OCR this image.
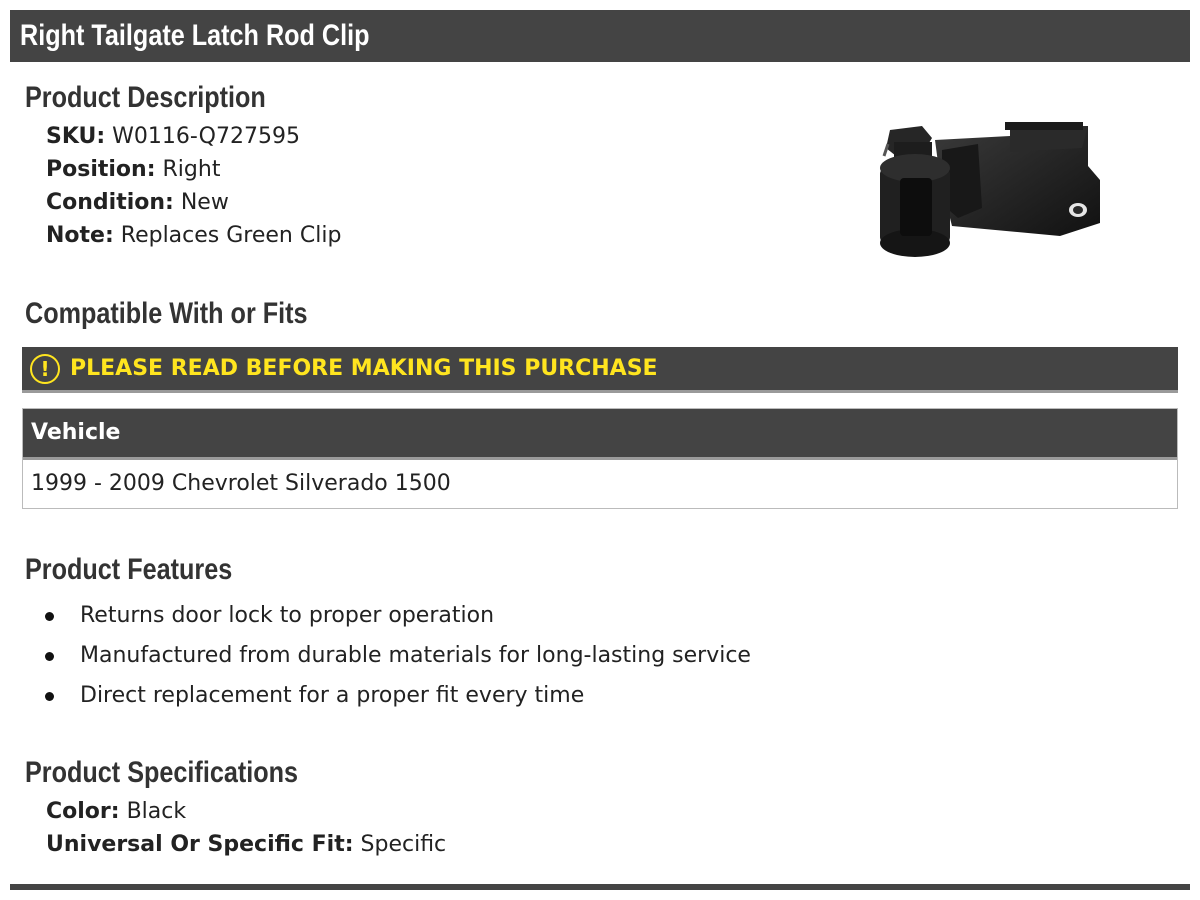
Right Tailgate Latch Rod Clip
Product Description
SKU: W0116-Q727595
Position: Right
Condition: New
Note: Replaces Green Clip
Compatible With or Fits
! PLEASE READ BEFORE MAKING THIS PURCHASE
Vehicle
1999 - 2009 Chevrolet Silverado 1500
Product Features
Returns door lock to proper operation
Manufactured from durable materials for long-lasting service
Direct replacement for a proper fit every time
Product Specifications
Color: Black
Universal Or Specific Fit: Specific
